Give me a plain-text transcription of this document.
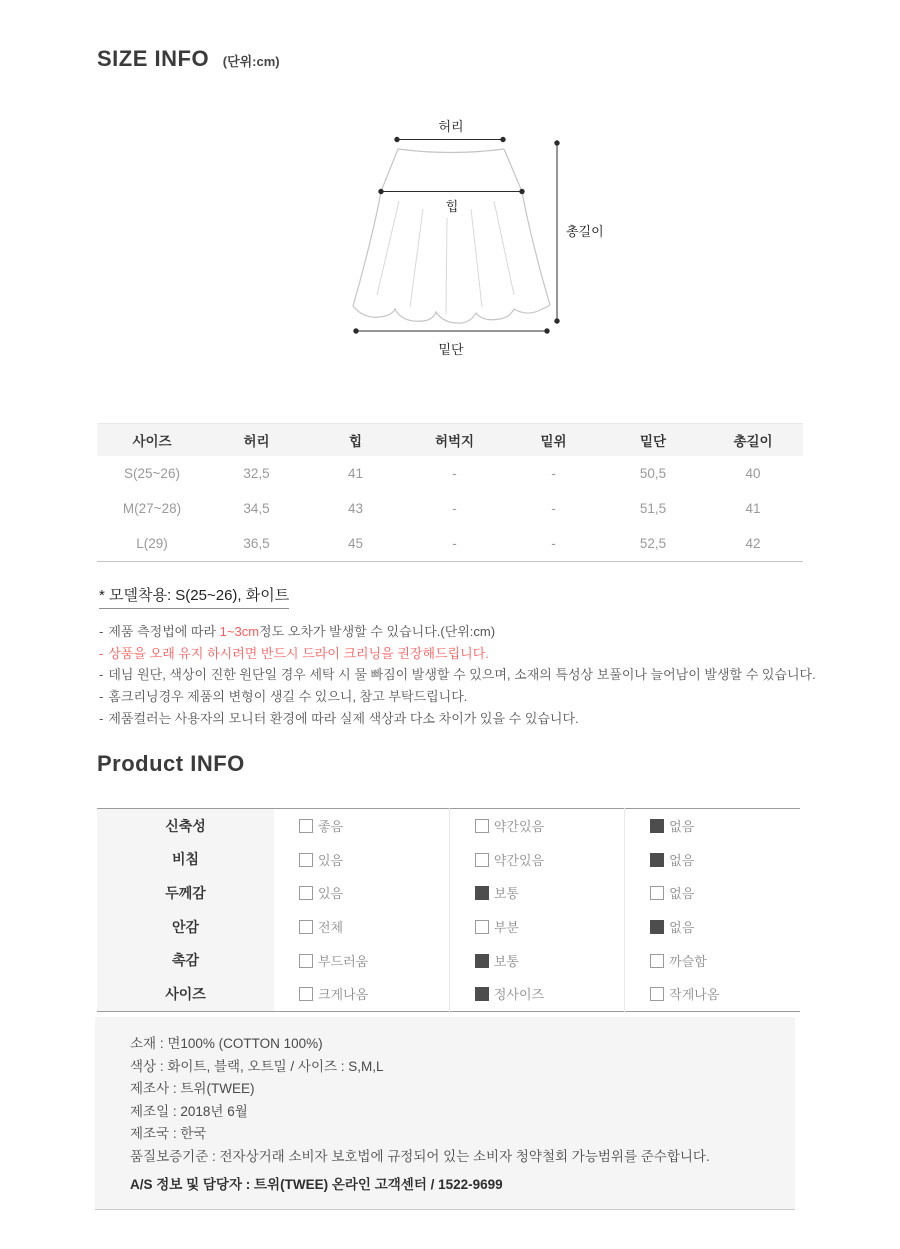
SIZE INFO (단위:cm)
허리
힙
총길이
밑단
사이즈	허리	힙	허벅지	밑위	밑단	총길이
S(25~26)	32,5	41	-	-	50,5	40
M(27~28)	34,5	43	-	-	51,5	41
L(29)	36,5	45	-	-	52,5	42
* 모델착용: S(25~26), 화이트
- 제품 측정법에 따라 1~3cm정도 오차가 발생할 수 있습니다.(단위:cm)
- 상품을 오래 유지 하시려면 반드시 드라이 크리닝을 권장해드립니다.
- 데님 원단, 색상이 진한 원단일 경우 세탁 시 물 빠짐이 발생할 수 있으며, 소재의 특성상 보풀이나 늘어남이 발생할 수 있습니다.
- 홈크리닝경우 제품의 변형이 생길 수 있으니, 참고 부탁드립니다.
- 제품컬러는 사용자의 모니터 환경에 따라 실제 색상과 다소 차이가 있을 수 있습니다.
Product INFO
신축성	좋음	약간있음	없음
비침	있음	약간있음	없음
두께감	있음	보통	없음
안감	전체	부분	없음
촉감	부드러움	보통	까슬함
사이즈	크게나옴	정사이즈	작게나옴

소재 : 면100% (COTTON 100%)

색상 : 화이트, 블랙, 오트밀 / 사이즈 : S,M,L

제조사 : 트위(TWEE)

제조일 : 2018년 6월

제조국 : 한국

품질보증기준 : 전자상거래 소비자 보호법에 규정되어 있는 소비자 청약철회 가능범위를 준수합니다.

A/S 정보 및 담당자 : 트위(TWEE) 온라인 고객센터 / 1522-9699
